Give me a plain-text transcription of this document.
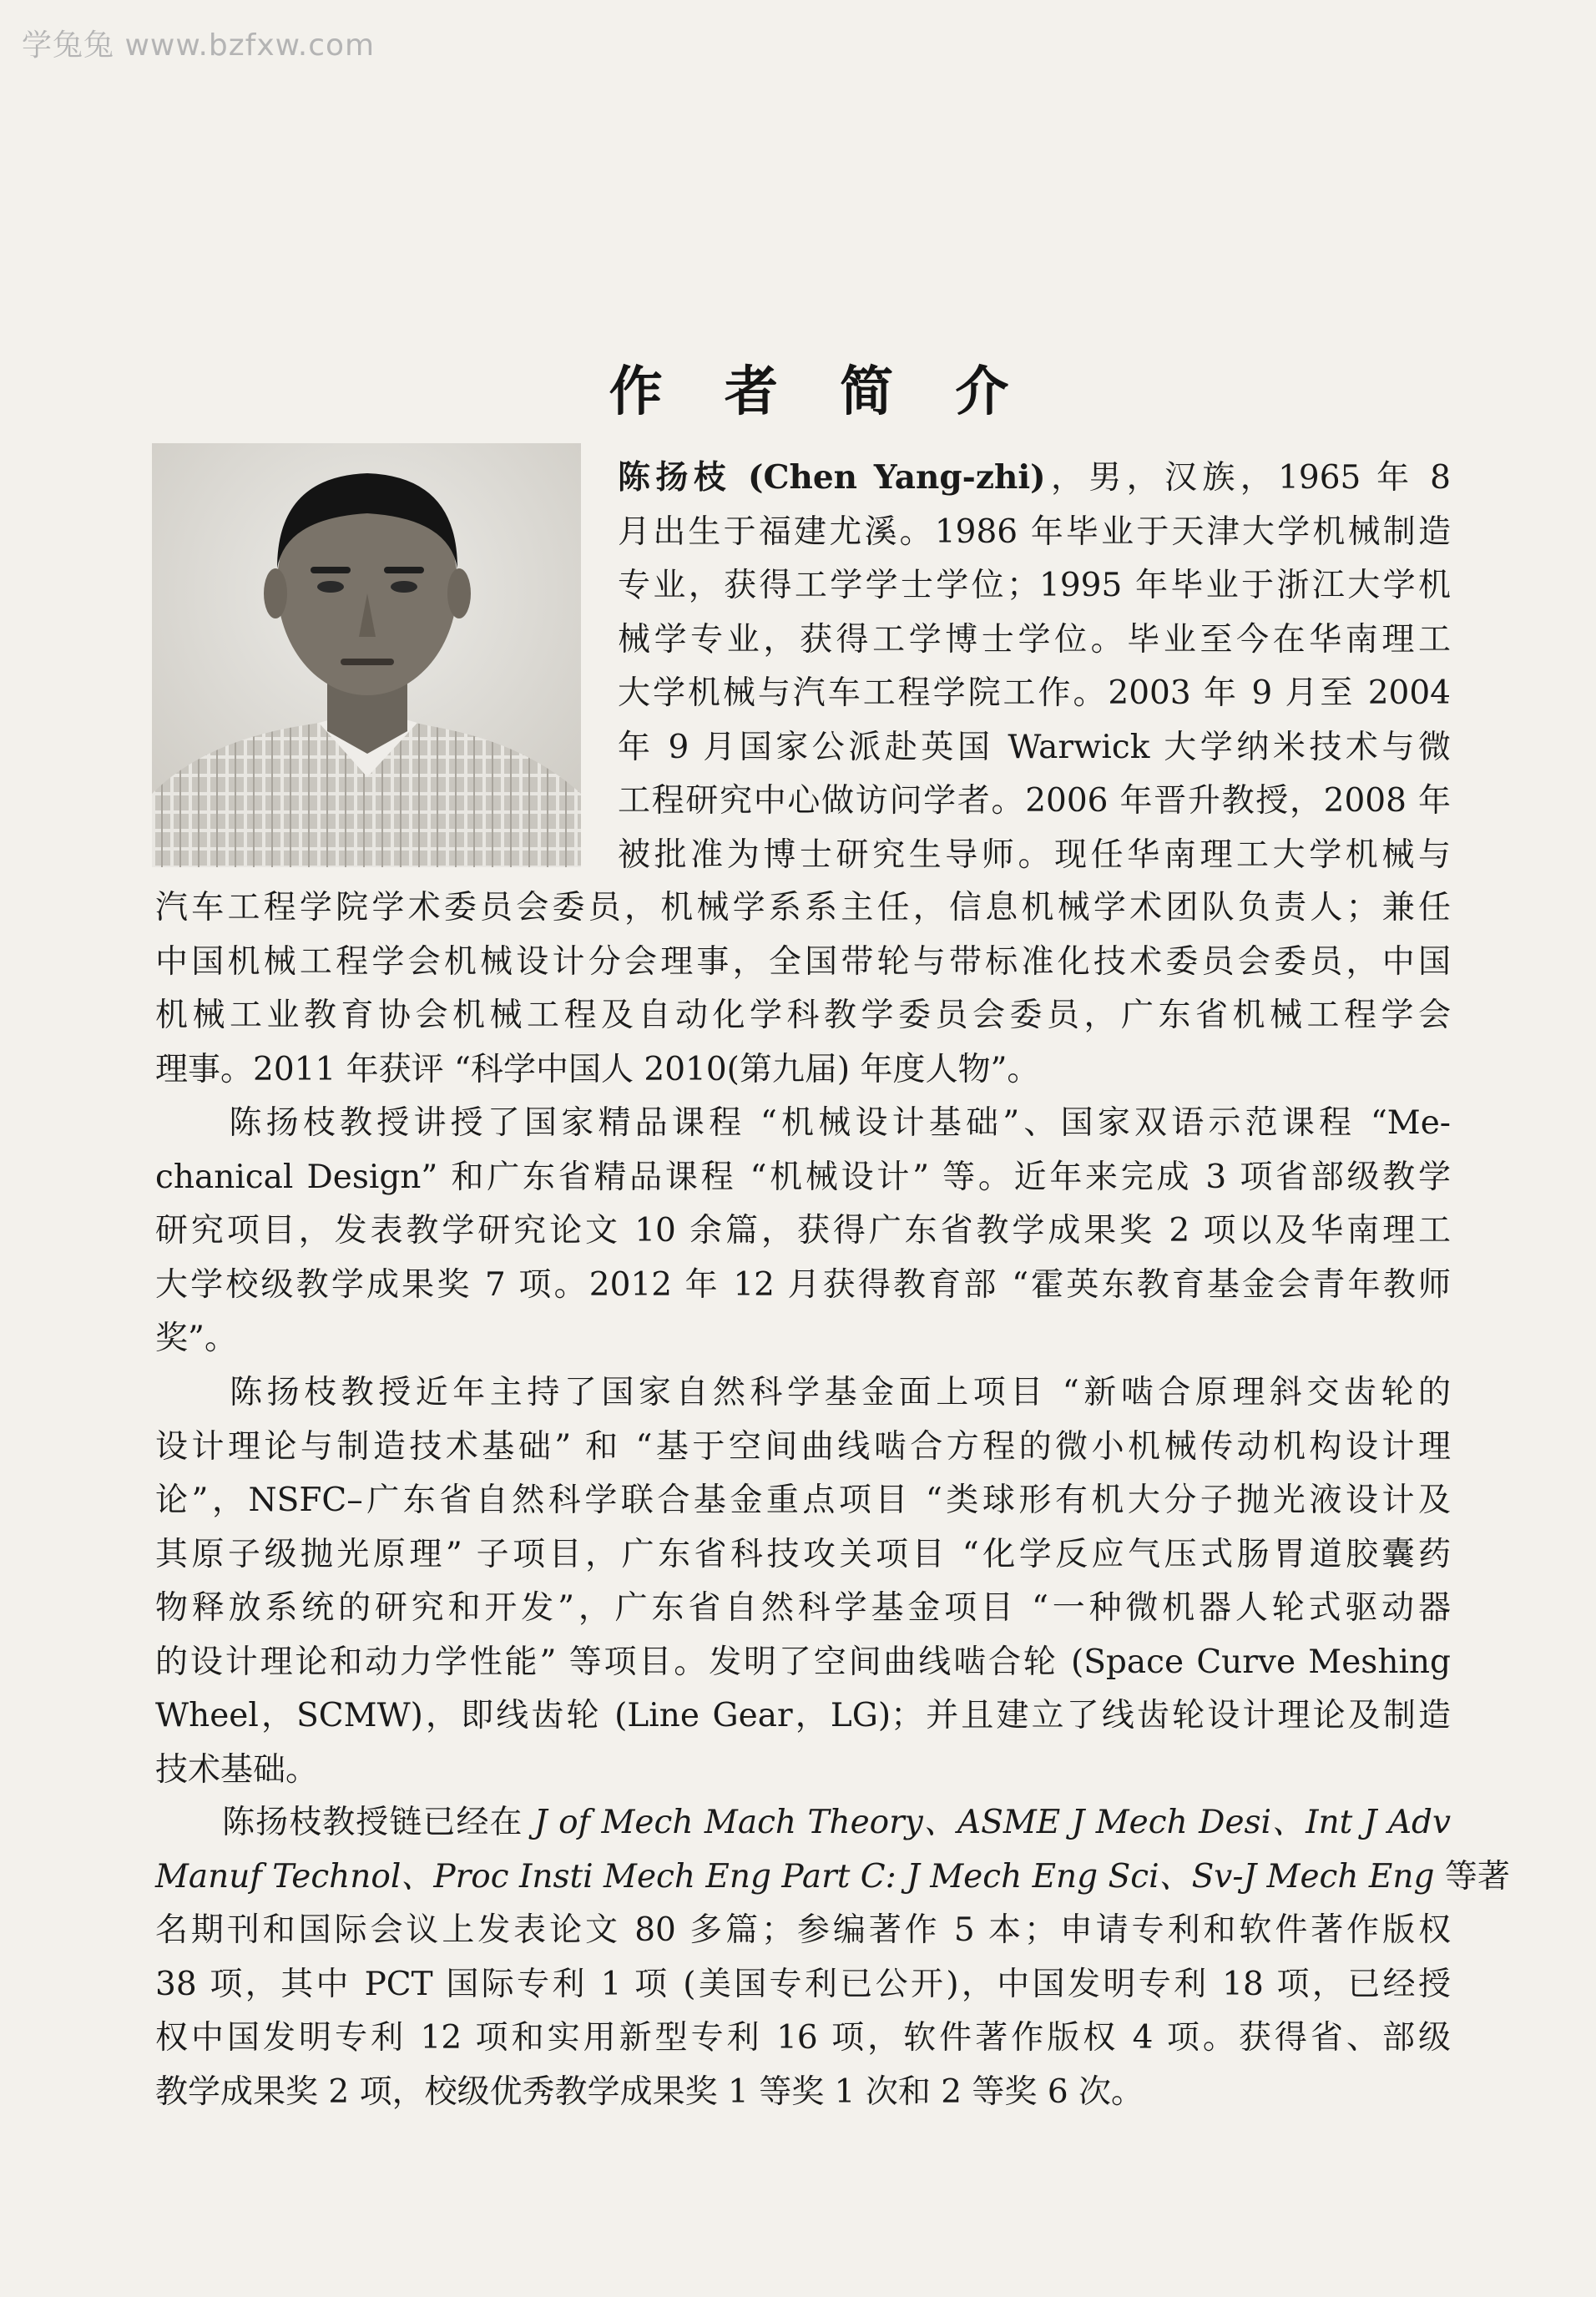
学兔兔 www.bzfxw.com
作 者 简 介
陈扬枝 (Chen Yang-zhi)，男，汉族，1965 年 8
月出生于福建尤溪。1986 年毕业于天津大学机械制造
专业，获得工学学士学位；1995 年毕业于浙江大学机
械学专业，获得工学博士学位。毕业至今在华南理工
大学机械与汽车工程学院工作。2003 年 9 月至 2004
年 9 月国家公派赴英国 Warwick 大学纳米技术与微
工程研究中心做访问学者。2006 年晋升教授，2008 年
被批准为博士研究生导师。现任华南理工大学机械与
汽车工程学院学术委员会委员，机械学系系主任，信息机械学术团队负责人；兼任
中国机械工程学会机械设计分会理事，全国带轮与带标准化技术委员会委员，中国
机械工业教育协会机械工程及自动化学科教学委员会委员，广东省机械工程学会
理事。2011 年获评 “科学中国人 2010(第九届) 年度人物”。
　　陈扬枝教授讲授了国家精品课程 “机械设计基础”、国家双语示范课程 “Me-
chanical Design” 和广东省精品课程 “机械设计” 等。近年来完成 3 项省部级教学
研究项目，发表教学研究论文 10 余篇，获得广东省教学成果奖 2 项以及华南理工
大学校级教学成果奖 7 项。2012 年 12 月获得教育部 “霍英东教育基金会青年教师
奖”。
　　陈扬枝教授近年主持了国家自然科学基金面上项目 “新啮合原理斜交齿轮的
设计理论与制造技术基础” 和 “基于空间曲线啮合方程的微小机械传动机构设计理
论”，NSFC–广东省自然科学联合基金重点项目 “类球形有机大分子抛光液设计及
其原子级抛光原理” 子项目，广东省科技攻关项目 “化学反应气压式肠胃道胶囊药
物释放系统的研究和开发”，广东省自然科学基金项目 “一种微机器人轮式驱动器
的设计理论和动力学性能” 等项目。发明了空间曲线啮合轮 (Space Curve Meshing
Wheel，SCMW)，即线齿轮 (Line Gear，LG)；并且建立了线齿轮设计理论及制造
技术基础。
　　陈扬枝教授链已经在 J of Mech Mach Theory、ASME J Mech Desi、Int J Adv
Manuf Technol、Proc Insti Mech Eng Part C: J Mech Eng Sci、Sv-J Mech Eng 等著
名期刊和国际会议上发表论文 80 多篇；参编著作 5 本；申请专利和软件著作版权
38 项，其中 PCT 国际专利 1 项 (美国专利已公开)，中国发明专利 18 项，已经授
权中国发明专利 12 项和实用新型专利 16 项，软件著作版权 4 项。获得省、部级
教学成果奖 2 项，校级优秀教学成果奖 1 等奖 1 次和 2 等奖 6 次。
